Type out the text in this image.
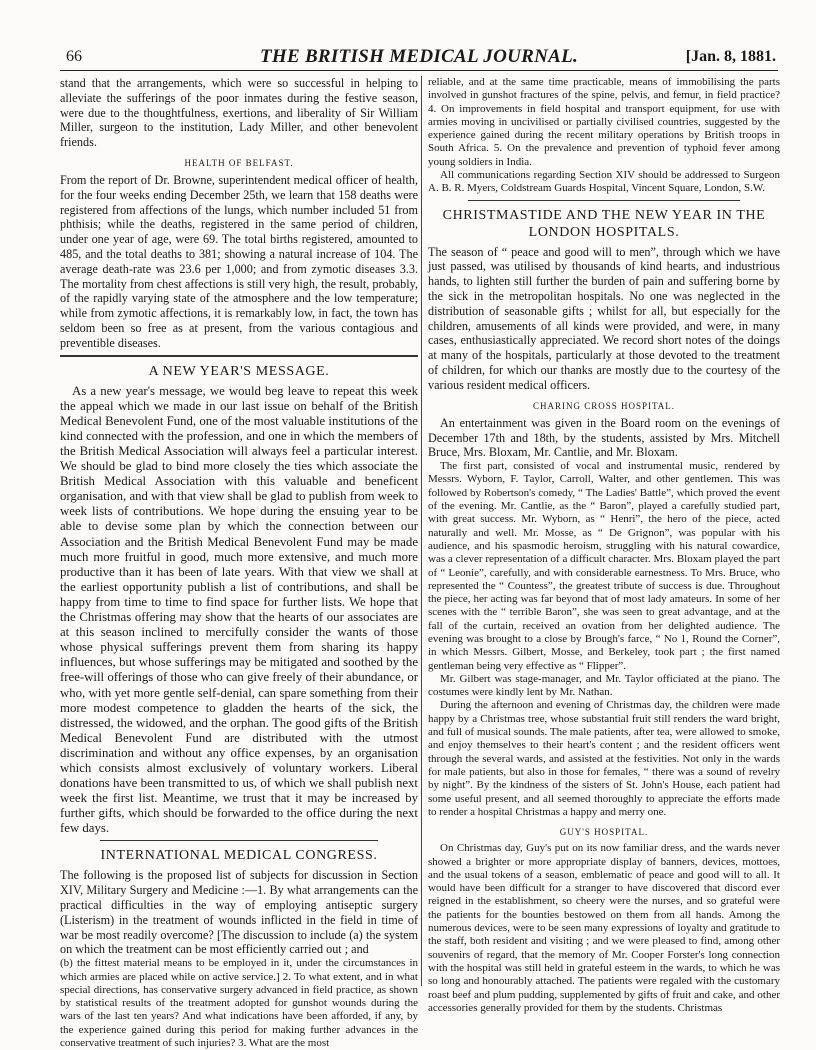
66	THE BRITISH MEDICAL JOURNAL.	[Jan. 8, 1881.

stand that the arrangements, which were so successful in helping to alleviate the sufferings of the poor inmates during the festive season, were due to the thoughtfulness, exertions, and liberality of Sir William Miller, surgeon to the institution, Lady Miller, and other benevolent friends.

HEALTH OF BELFAST.

From the report of Dr. Browne, superintendent medical officer of health, for the four weeks ending December 25th, we learn that 158 deaths were registered from affections of the lungs, which number included 51 from phthisis; while the deaths, registered in the same period of children, under one year of age, were 69. The total births registered, amounted to 485, and the total deaths to 381; showing a natural increase of 104. The average death-rate was 23.6 per 1,000; and from zymotic diseases 3.3. The mortality from chest affections is still very high, the result, probably, of the rapidly varying state of the atmosphere and the low temperature; while from zymotic affections, it is remarkably low, in fact, the town has seldom been so free as at present, from the various contagious and preventible diseases.

A NEW YEAR'S MESSAGE.

As a new year's message, we would beg leave to repeat this week the appeal which we made in our last issue on behalf of the British Medical Benevolent Fund, one of the most valuable institutions of the kind connected with the profession, and one in which the members of the British Medical Association will always feel a particular interest. We should be glad to bind more closely the ties which associate the British Medical Association with this valuable and beneficent organisation, and with that view shall be glad to publish from week to week lists of contributions. We hope during the ensuing year to be able to devise some plan by which the connection between our Association and the British Medical Benevolent Fund may be made much more fruitful in good, much more extensive, and much more productive than it has been of late years. With that view we shall at the earliest opportunity publish a list of contributions, and shall be happy from time to time to find space for further lists. We hope that the Christmas offering may show that the hearts of our associates are at this season inclined to mercifully consider the wants of those whose physical sufferings prevent them from sharing its happy influences, but whose sufferings may be mitigated and soothed by the free-will offerings of those who can give freely of their abundance, or who, with yet more gentle self-denial, can spare something from their more modest competence to gladden the hearts of the sick, the distressed, the widowed, and the orphan. The good gifts of the British Medical Benevolent Fund are distributed with the utmost discrimination and without any office expenses, by an organisation which consists almost exclusively of voluntary workers. Liberal donations have been transmitted to us, of which we shall publish next week the first list. Meantime, we trust that it may be increased by further gifts, which should be forwarded to the office during the next few days.

INTERNATIONAL MEDICAL CONGRESS.

The following is the proposed list of subjects for discussion in Section XIV, Military Surgery and Medicine :—1. By what arrangements can the practical difficulties in the way of employing antiseptic surgery (Listerism) in the treatment of wounds inflicted in the field in time of war be most readily overcome? [The discussion to include (a) the system on which the treatment can be most efficiently carried out ; and

(b) the fittest material means to be employed in it, under the circumstances in which armies are placed while on active service.] 2. To what extent, and in what special directions, has conservative surgery advanced in field practice, as shown by statistical results of the treatment adopted for gunshot wounds during the wars of the last ten years? And what indications have been afforded, if any, by the experience gained during this period for making further advances in the conservative treatment of such injuries? 3. What are the most

reliable, and at the same time practicable, means of immobilising the parts involved in gunshot fractures of the spine, pelvis, and femur, in field practice? 4. On improvements in field hospital and transport equipment, for use with armies moving in uncivilised or partially civilised countries, suggested by the experience gained during the recent military operations by British troops in South Africa. 5. On the prevalence and prevention of typhoid fever among young soldiers in India.

All communications regarding Section XIV should be addressed to Surgeon A. B. R. Myers, Coldstream Guards Hospital, Vincent Square, London, S.W.

CHRISTMASTIDE AND THE NEW YEAR IN THE LONDON HOSPITALS.

The season of “ peace and good will to men”, through which we have just passed, was utilised by thousands of kind hearts, and industrious hands, to lighten still further the burden of pain and suffering borne by the sick in the metropolitan hospitals. No one was neglected in the distribution of seasonable gifts ; whilst for all, but especially for the children, amusements of all kinds were provided, and were, in many cases, enthusiastically appreciated. We record short notes of the doings at many of the hospitals, particularly at those devoted to the treatment of children, for which our thanks are mostly due to the courtesy of the various resident medical officers.

CHARING CROSS HOSPITAL.

An entertainment was given in the Board room on the evenings of December 17th and 18th, by the students, assisted by Mrs. Mitchell Bruce, Mrs. Bloxam, Mr. Cantlie, and Mr. Bloxam.

The first part, consisted of vocal and instrumental music, rendered by Messrs. Wyborn, F. Taylor, Carroll, Walter, and other gentlemen. This was followed by Robertson's comedy, “ The Ladies' Battle”, which proved the event of the evening. Mr. Cantlie, as the “ Baron”, played a carefully studied part, with great success. Mr. Wyborn, as “ Henri”, the hero of the piece, acted naturally and well. Mr. Mosse, as “ De Grignon”, was popular with his audience, and his spasmodic heroism, struggling with his natural cowardice, was a clever representation of a difficult character. Mrs. Bloxam played the part of “ Leonie”, carefully, and with considerable earnestness. To Mrs. Bruce, who represented the “ Countess”, the greatest tribute of success is due. Throughout the piece, her acting was far beyond that of most lady amateurs. In some of her scenes with the “ terrible Baron”, she was seen to great advantage, and at the fall of the curtain, received an ovation from her delighted audience. The evening was brought to a close by Brough's farce, “ No 1, Round the Corner”, in which Messrs. Gilbert, Mosse, and Berkeley, took part ; the first named gentleman being very effective as “ Flipper”.

Mr. Gilbert was stage-manager, and Mr. Taylor officiated at the piano. The costumes were kindly lent by Mr. Nathan.

During the afternoon and evening of Christmas day, the children were made happy by a Christmas tree, whose substantial fruit still renders the ward bright, and full of musical sounds. The male patients, after tea, were allowed to smoke, and enjoy themselves to their heart's content ; and the resident officers went through the several wards, and assisted at the festivities. Not only in the wards for male patients, but also in those for females, “ there was a sound of revelry by night”. By the kindness of the sisters of St. John's House, each patient had some useful present, and all seemed thoroughly to appreciate the efforts made to render a hospital Christmas a happy and merry one.

GUY'S HOSPITAL.

On Christmas day, Guy's put on its now familiar dress, and the wards never showed a brighter or more appropriate display of banners, devices, mottoes, and the usual tokens of a season, emblematic of peace and good will to all. It would have been difficult for a stranger to have discovered that discord ever reigned in the establishment, so cheery were the nurses, and so grateful were the patients for the bounties bestowed on them from all hands. Among the numerous devices, were to be seen many expressions of loyalty and gratitude to the staff, both resident and visiting ; and we were pleased to find, among other souvenirs of regard, that the memory of Mr. Cooper Forster's long connection with the hospital was still held in grateful esteem in the wards, to which he was so long and honourably attached. The patients were regaled with the customary roast beef and plum pudding, supplemented by gifts of fruit and cake, and other accessories generally provided for them by the students. Christmas
